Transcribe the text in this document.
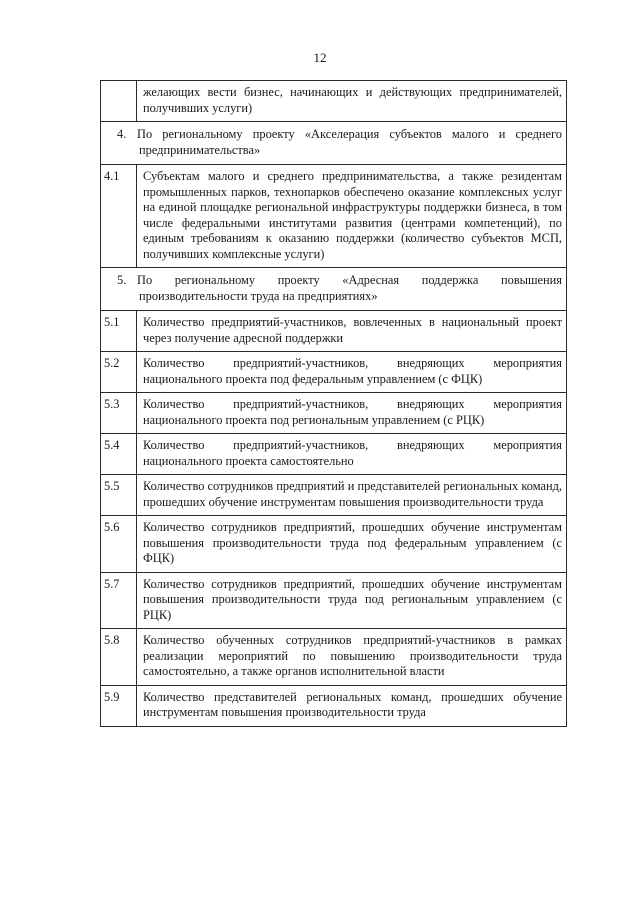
12
	желающих вести бизнес, начинающих и действующих предпринимателей, получивших услуги)
4. По региональному проекту «Акселерация субъектов малого и среднего предпринимательства»	
4.1	Субъектам малого и среднего предпринимательства, а также резидентам промышленных парков, технопарков обеспечено оказание комплексных услуг на единой площадке региональной инфраструктуры поддержки бизнеса, в том числе федеральными институтами развития (центрами компетенций), по единым требованиям к оказанию поддержки (количество субъектов МСП, получивших комплексные услуги)
5. По региональному проекту «Адресная поддержка повышения производительности труда на предприятиях»	
5.1	Количество предприятий-участников, вовлеченных в национальный проект через получение адресной поддержки
5.2	Количество предприятий-участников, внедряющих мероприятия национального проекта под федеральным управлением (с ФЦК)
5.3	Количество предприятий-участников, внедряющих мероприятия национального проекта под региональным управлением (с РЦК)
5.4	Количество предприятий-участников, внедряющих мероприятия национального проекта самостоятельно
5.5	Количество сотрудников предприятий и представителей региональных команд, прошедших обучение инструментам повышения производительности труда
5.6	Количество сотрудников предприятий, прошедших обучение инструментам повышения производительности труда под федеральным управлением (с ФЦК)
5.7	Количество сотрудников предприятий, прошедших обучение инструментам повышения производительности труда под региональным управлением (с РЦК)
5.8	Количество обученных сотрудников предприятий-участников в рамках реализации мероприятий по повышению производительности труда самостоятельно, а также органов исполнительной власти
5.9	Количество представителей региональных команд, прошедших обучение инструментам повышения производительности труда
